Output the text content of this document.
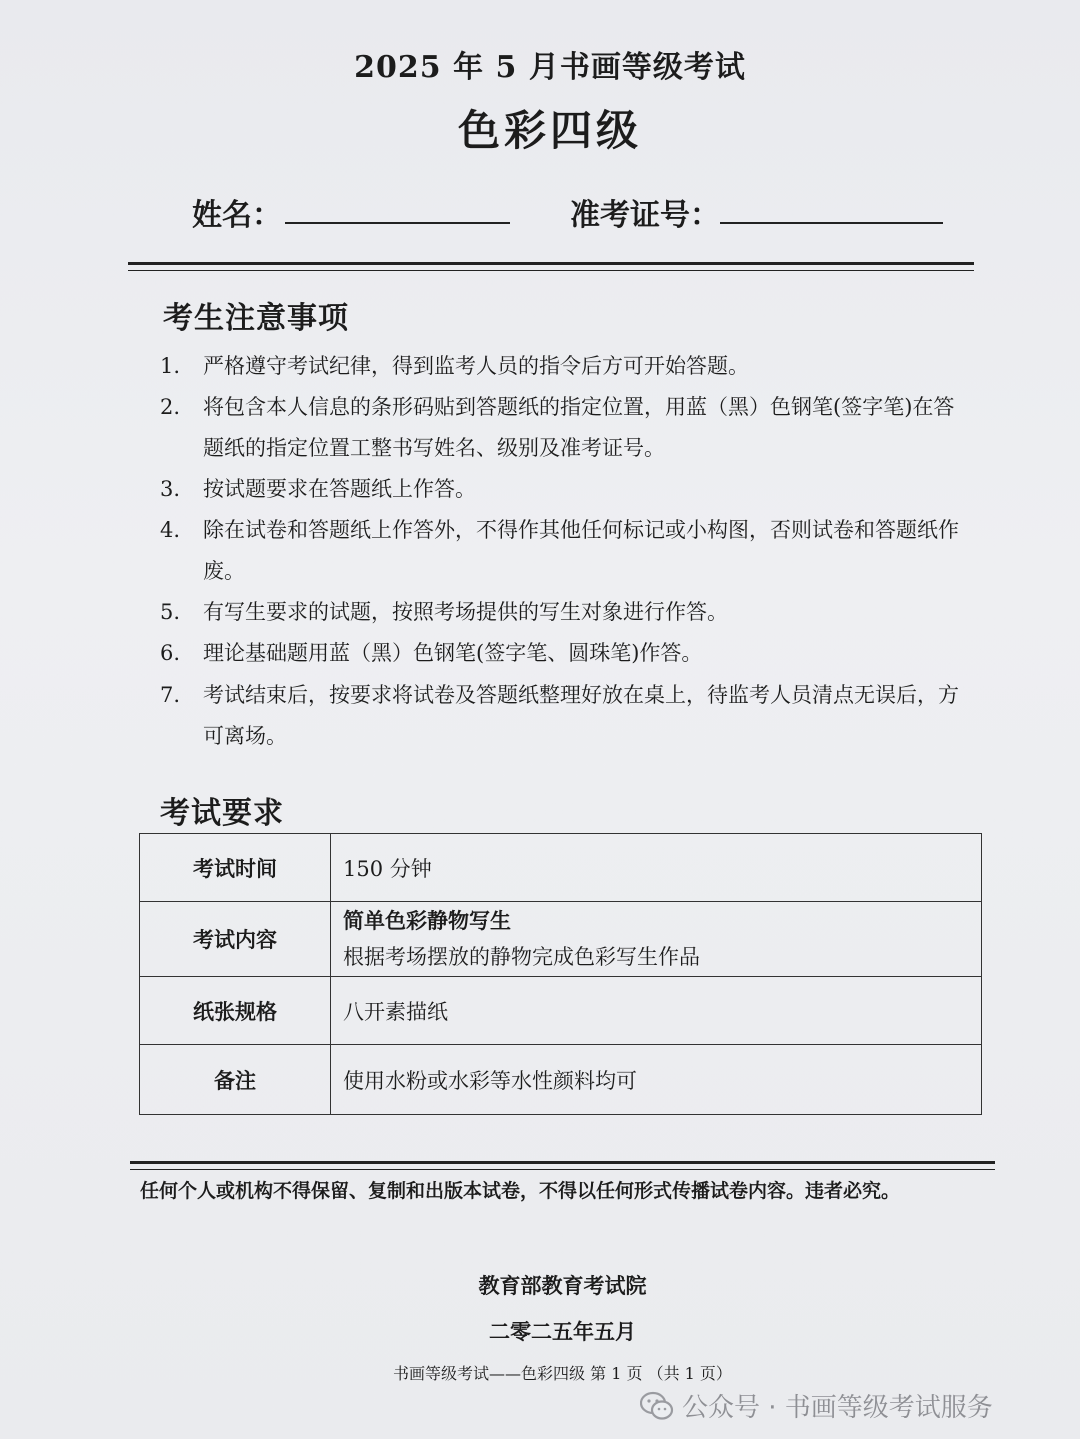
2025 年 5 月书画等级考试
色彩四级
姓名：	准考证号：
考生注意事项
1.	严格遵守考试纪律，得到监考人员的指令后方可开始答题。
2.	将包含本人信息的条形码贴到答题纸的指定位置，用蓝（黑）色钢笔(签字笔)在答题纸的指定位置工整书写姓名、级别及准考证号。
3.	按试题要求在答题纸上作答。
4.	除在试卷和答题纸上作答外，不得作其他任何标记或小构图，否则试卷和答题纸作废。
5.	有写生要求的试题，按照考场提供的写生对象进行作答。
6.	理论基础题用蓝（黑）色钢笔(签字笔、圆珠笔)作答。
7.	考试结束后，按要求将试卷及答题纸整理好放在桌上，待监考人员清点无误后，方可离场。
考试要求
考试时间	150 分钟
考试内容	简单色彩静物写生
根据考场摆放的静物完成色彩写生作品

纸张规格	八开素描纸
备注	使用水粉或水彩等水性颜料均可
任何个人或机构不得保留、复制和出版本试卷，不得以任何形式传播试卷内容。违者必究。
教育部教育考试院
二零二五年五月
书画等级考试——色彩四级 第 1 页 （共 1 页）
公众号 · 书画等级考试服务
